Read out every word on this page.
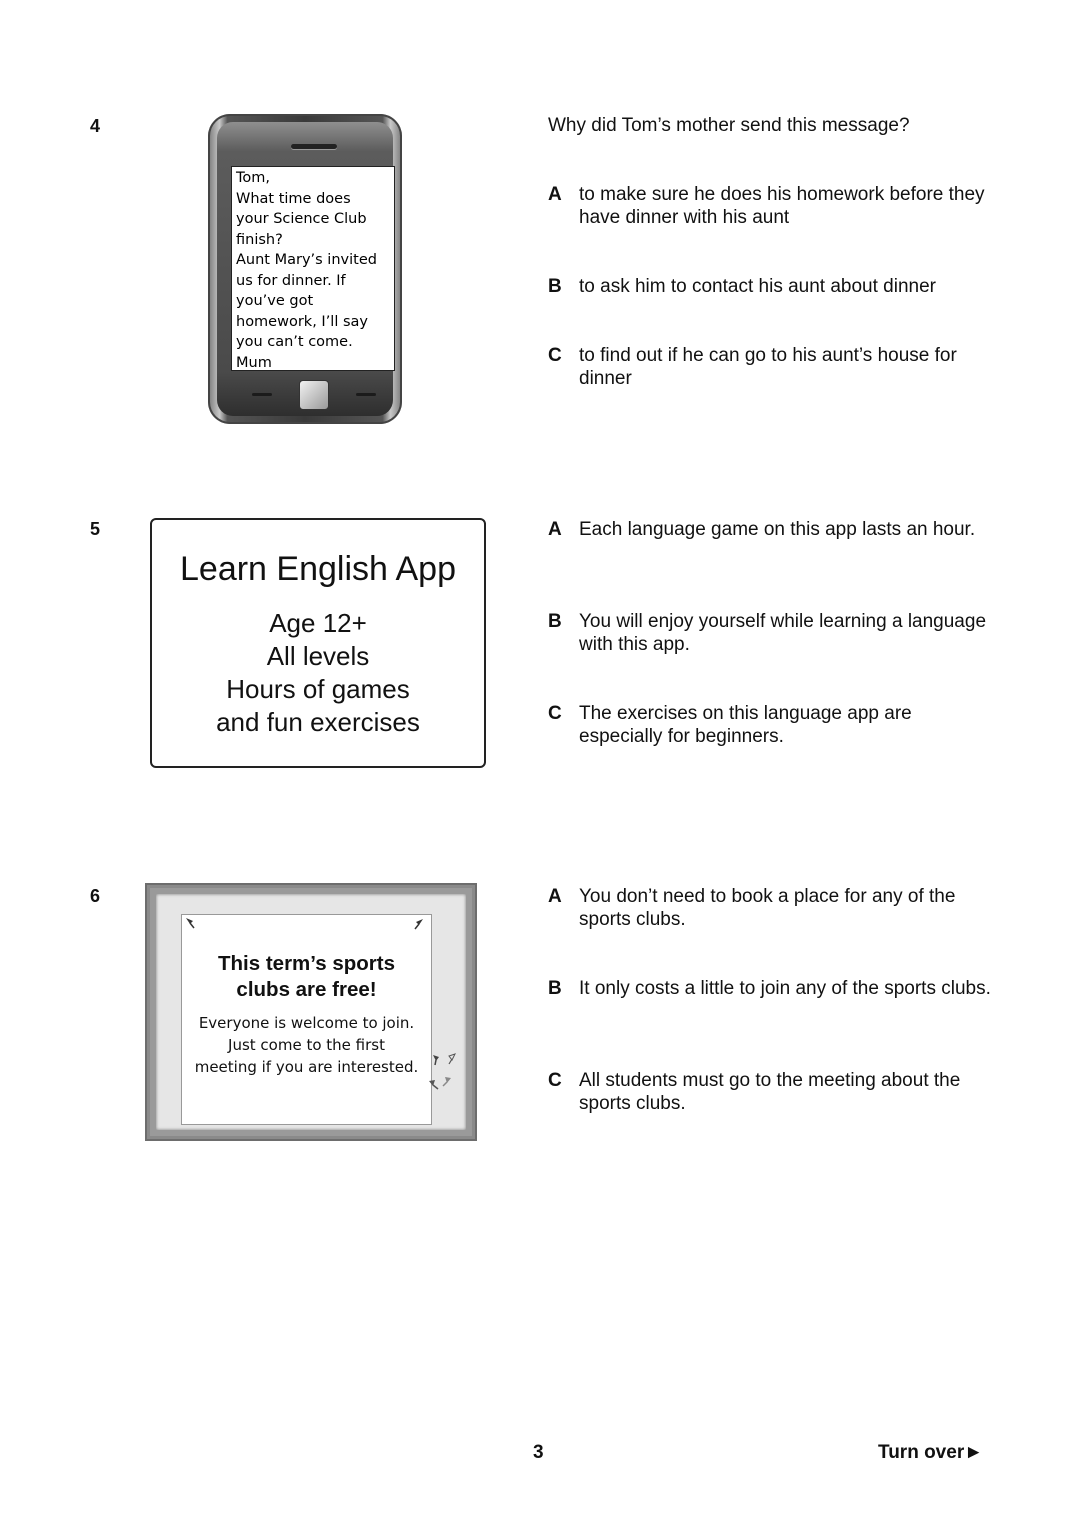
4
Tom,
What time does
your Science Club
finish?
Aunt Mary’s invited
us for dinner. If
you’ve got
homework, I’ll say
you can’t come.
Mum
Why did Tom’s mother send this message?
A to make sure he does his homework before they have dinner with his aunt
B to ask him to contact his aunt about dinner
C to find out if he can go to his aunt’s house for dinner
5
Learn English App
Age 12+
All levels
Hours of games
and fun exercises
A Each language game on this app lasts an hour.
B You will enjoy yourself while learning a language with this app.
C The exercises on this language app are especially for beginners.
6
This term’s sports
clubs are free!
Everyone is welcome to join.
Just come to the first
meeting if you are interested.
A You don’t need to book a place for any of the sports clubs.
B It only costs a little to join any of the sports clubs.
C All students must go to the meeting about the sports clubs.
3	Turn over►
